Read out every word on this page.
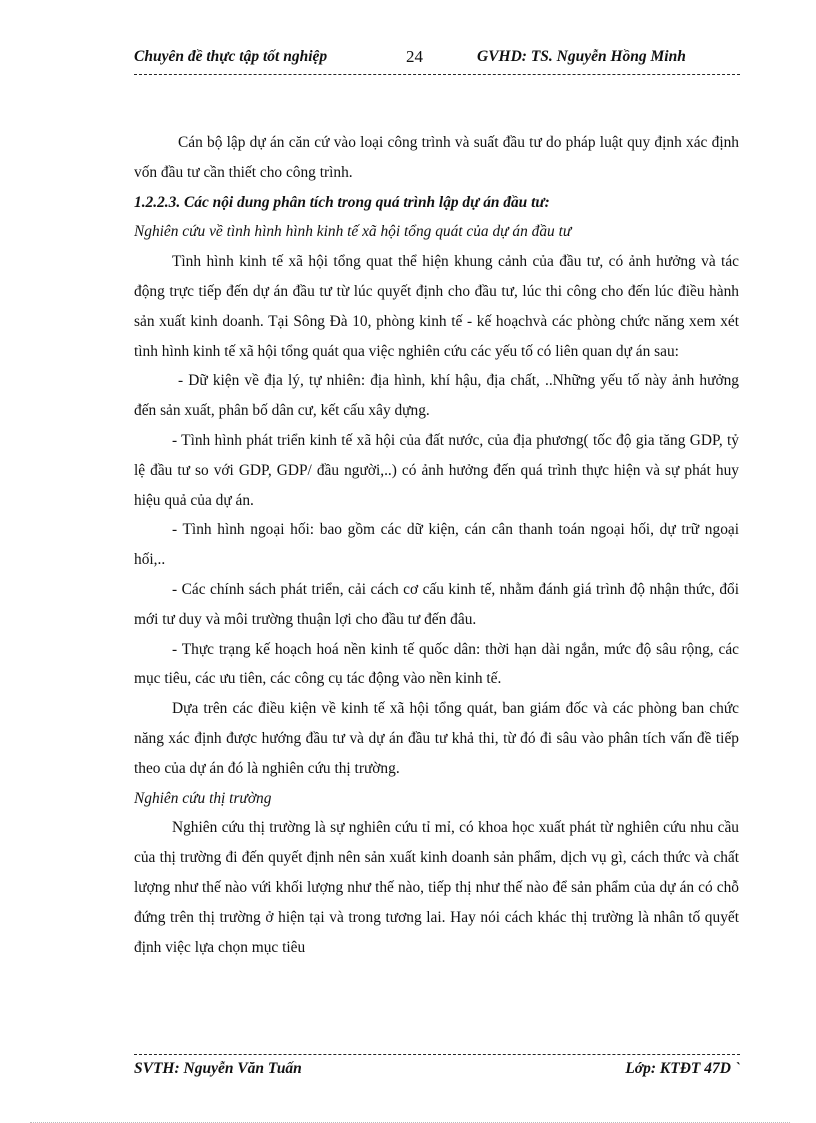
Chuyên đề thực tập tốt nghiệp	24	GVHD: TS. Nguyễn Hồng Minh

Cán bộ lập dự án căn cứ vào loại công trình và suất đầu tư do pháp luật quy định xác định vốn đầu tư cần thiết cho công trình.

1.2.2.3. Các nội dung phân tích trong quá trình lập dự án đầu tư:

Nghiên cứu về tình hình hình kinh tế xã hội tổng quát của dự án đầu tư

Tình hình kinh tế xã hội tổng quat thể hiện khung cảnh của đầu tư, có ảnh hưởng và tác động trực tiếp đến dự án đầu tư từ lúc quyết định cho đầu tư, lúc thi công cho đến lúc điều hành sản xuất kinh doanh. Tại Sông Đà 10, phòng kinh tế - kế hoạchvà các phòng chức năng xem xét tình hình kinh tế xã hội tổng quát qua việc nghiên cứu các yếu tố có liên quan dự án sau:

- Dữ kiện về địa lý, tự nhiên: địa hình, khí hậu, địa chất, ..Những yếu tố này ảnh hưởng đến sản xuất, phân bố dân cư, kết cấu xây dựng.

- Tình hình phát triển kinh tế xã hội của đất nước, của địa phương( tốc độ gia tăng GDP, tỷ lệ đầu tư so với GDP, GDP/ đầu người,..) có ảnh hưởng đến quá trình thực hiện và sự phát huy hiệu quả của dự án.

- Tình hình ngoại hối: bao gồm các dữ kiện, cán cân thanh toán ngoại hối, dự trữ ngoại hối,..

- Các chính sách phát triển, cải cách cơ cấu kinh tế, nhằm đánh giá trình độ nhận thức, đổi mới tư duy và môi trường thuận lợi cho đầu tư đến đâu.

- Thực trạng kế hoạch hoá nền kinh tế quốc dân: thời hạn dài ngắn, mức độ sâu rộng, các mục tiêu, các ưu tiên, các công cụ tác động vào nền kinh tế.

Dựa trên các điều kiện về kinh tế xã hội tổng quát, ban giám đốc và các phòng ban chức năng xác định được hướng đầu tư và dự án đầu tư khả thi, từ đó đi sâu vào phân tích vấn đề tiếp theo của dự án đó là nghiên cứu thị trường.

Nghiên cứu thị trường

Nghiên cứu thị trường là sự nghiên cứu tỉ mỉ, có khoa học xuất phát từ nghiên cứu nhu cầu của thị trường đi đến quyết định nên sản xuất kinh doanh sản phẩm, dịch vụ gì, cách thức và chất lượng như thế nào vứi khối lượng như thế nào, tiếp thị như thế nào để sản phẩm của dự án có chỗ đứng trên thị trường ở hiện tại và trong tương lai. Hay nói cách khác thị trường là nhân tố quyết định việc lựa chọn mục tiêu

SVTH: Nguyễn Văn Tuấn	Lớp: KTĐT 47D `
